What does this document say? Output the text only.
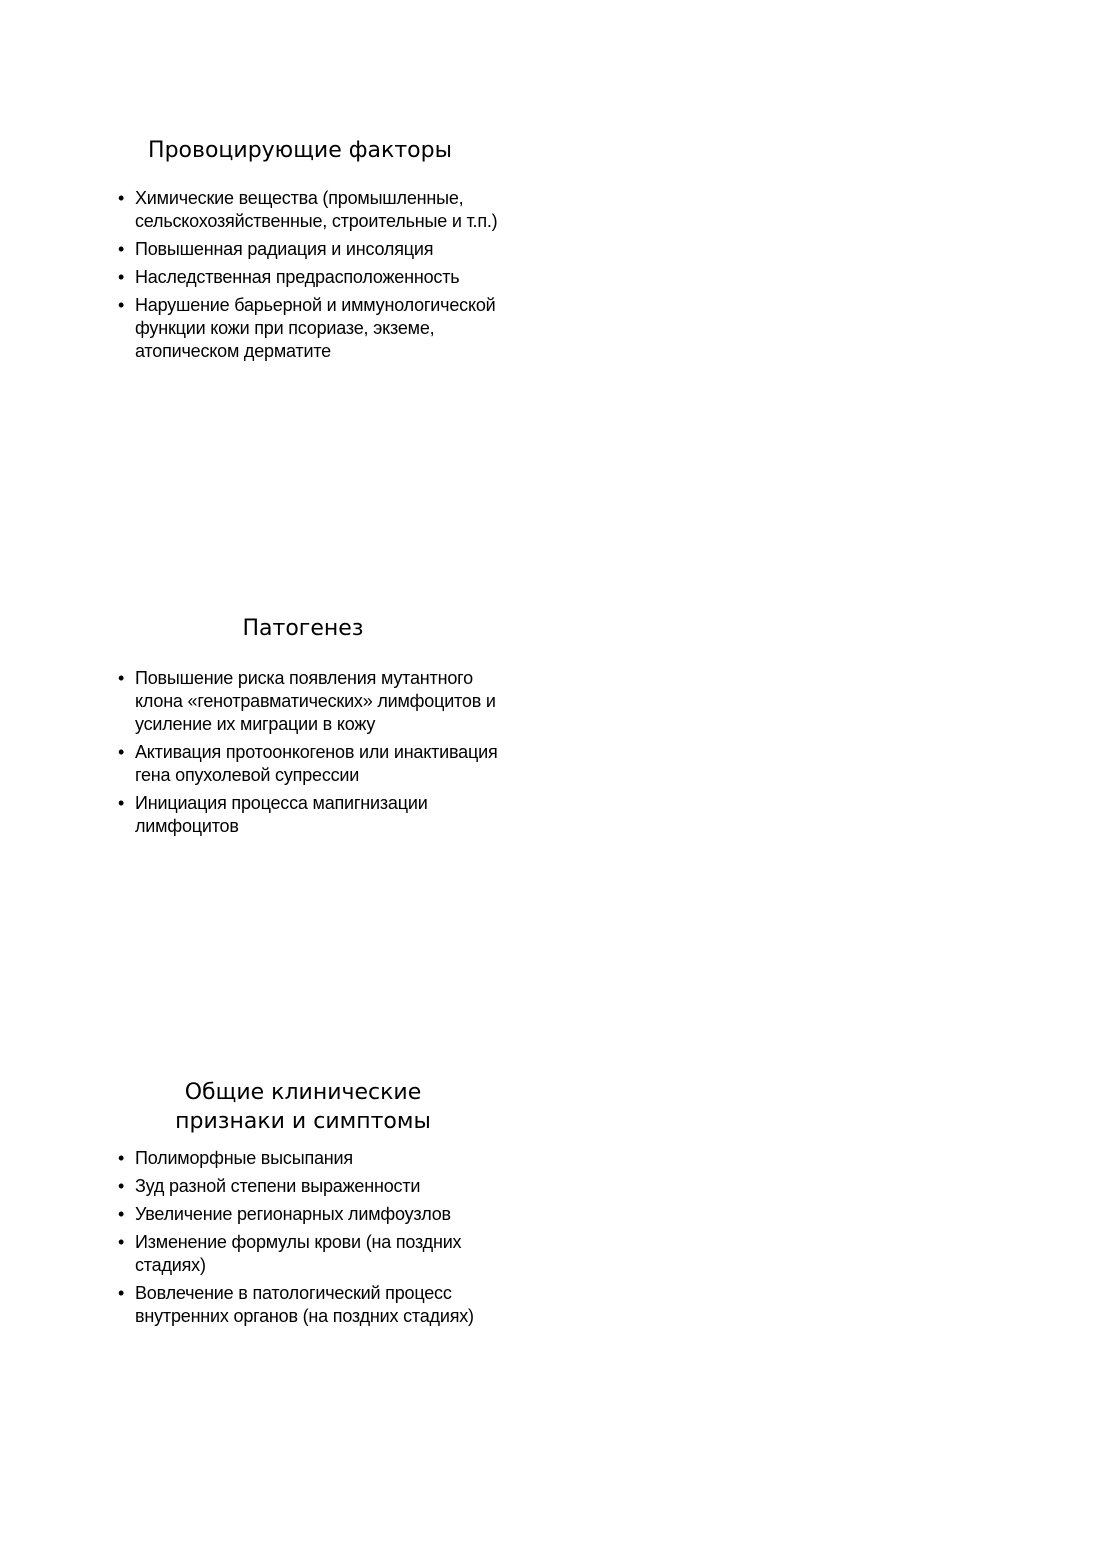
Провоцирующие факторы
• Химические вещества (промышленные, сельскохозяйственные, строительные и т.п.)
• Повышенная радиация и инсоляция
• Наследственная предрасположенность
• Нарушение барьерной и иммунологической функции кожи при псориазе, экземе, атопическом дерматите
Патогенез
• Повышение риска появления мутантного клона «генотравматических» лимфоцитов и усиление их миграции в кожу
• Активация протоонкогенов или инактивация гена опухолевой супрессии
• Инициация процесса мапигнизации лимфоцитов
Общие клинические
признаки и симптомы
• Полиморфные высыпания
• Зуд разной степени выраженности
• Увеличение регионарных лимфоузлов
• Изменение формулы крови (на поздних стадиях)
• Вовлечение в патологический процесс внутренних органов (на поздних стадиях)
